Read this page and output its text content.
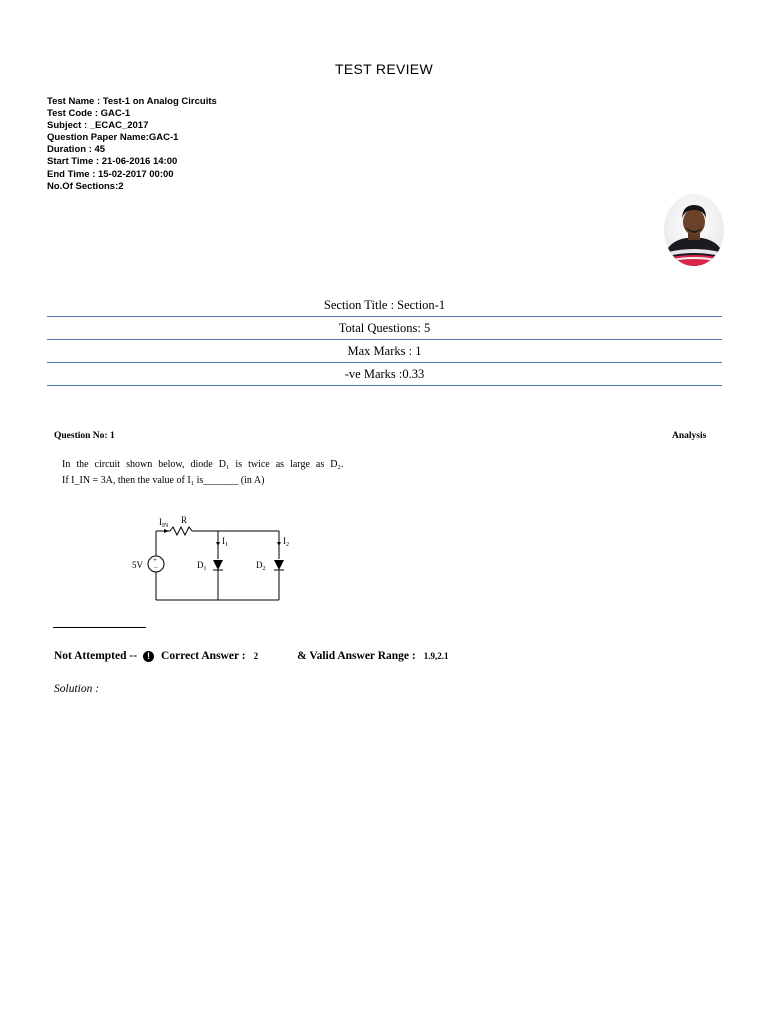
TEST REVIEW
Test Name : Test-1 on Analog Circuits
Test Code : GAC-1
Subject : _ECAC_2017
Question Paper Name:GAC-1
Duration : 45
Start Time : 21-06-2016 14:00
End Time : 15-02-2017 00:00
No.Of Sections:2
Section Title : Section-1
Total Questions: 5
Max Marks : 1
-ve Marks :0.33
Question No: 1	Analysis
In the circuit shown below, diode D₁ is twice as large as D₂.
If I_IN = 3A, then the value of I₁ is_______ (in A)
$I_{IN}$
R
$I_1$	$I_2$
5V	$D_1$	$D_2$
+
−
Not Attempted --	! Correct Answer : 2	& Valid Answer Range : 1.9,2.1
Solution :
